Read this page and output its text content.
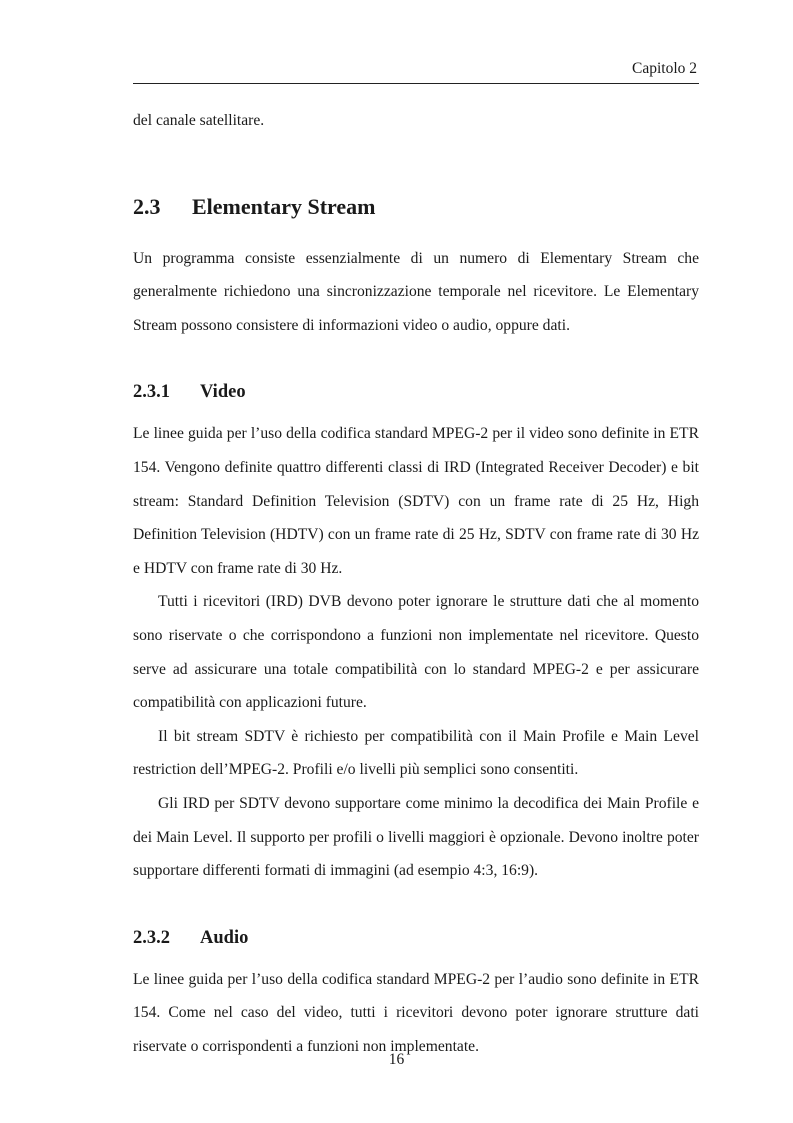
Capitolo 2

del canale satellitare.

2.3 Elementary Stream

Un programma consiste essenzialmente di un numero di Elementary Stream che generalmente richiedono una sincronizzazione temporale nel ricevitore. Le Elementary Stream possono consistere di informazioni video o audio, oppure dati.

2.3.1 Video

Le linee guida per l’uso della codifica standard MPEG-2 per il video sono definite in ETR 154. Vengono definite quattro differenti classi di IRD (Integrated Receiver Decoder) e bit stream: Standard Definition Television (SDTV) con un frame rate di 25 Hz, High Definition Television (HDTV) con un frame rate di 25 Hz, SDTV con frame rate di 30 Hz e HDTV con frame rate di 30 Hz.

Tutti i ricevitori (IRD) DVB devono poter ignorare le strutture dati che al momento sono riservate o che corrispondono a funzioni non implementate nel ricevitore. Questo serve ad assicurare una totale compatibilità con lo standard MPEG-2 e per assicurare compatibilità con applicazioni future.

Il bit stream SDTV è richiesto per compatibilità con il Main Profile e Main Level restriction dell’MPEG-2. Profili e/o livelli più semplici sono consentiti.

Gli IRD per SDTV devono supportare come minimo la decodifica dei Main Profile e dei Main Level. Il supporto per profili o livelli maggiori è opzionale. Devono inoltre poter supportare differenti formati di immagini (ad esempio 4:3, 16:9).

2.3.2 Audio

Le linee guida per l’uso della codifica standard MPEG-2 per l’audio sono definite in ETR 154. Come nel caso del video, tutti i ricevitori devono poter ignorare strutture dati riservate o corrispondenti a funzioni non implementate.

16
